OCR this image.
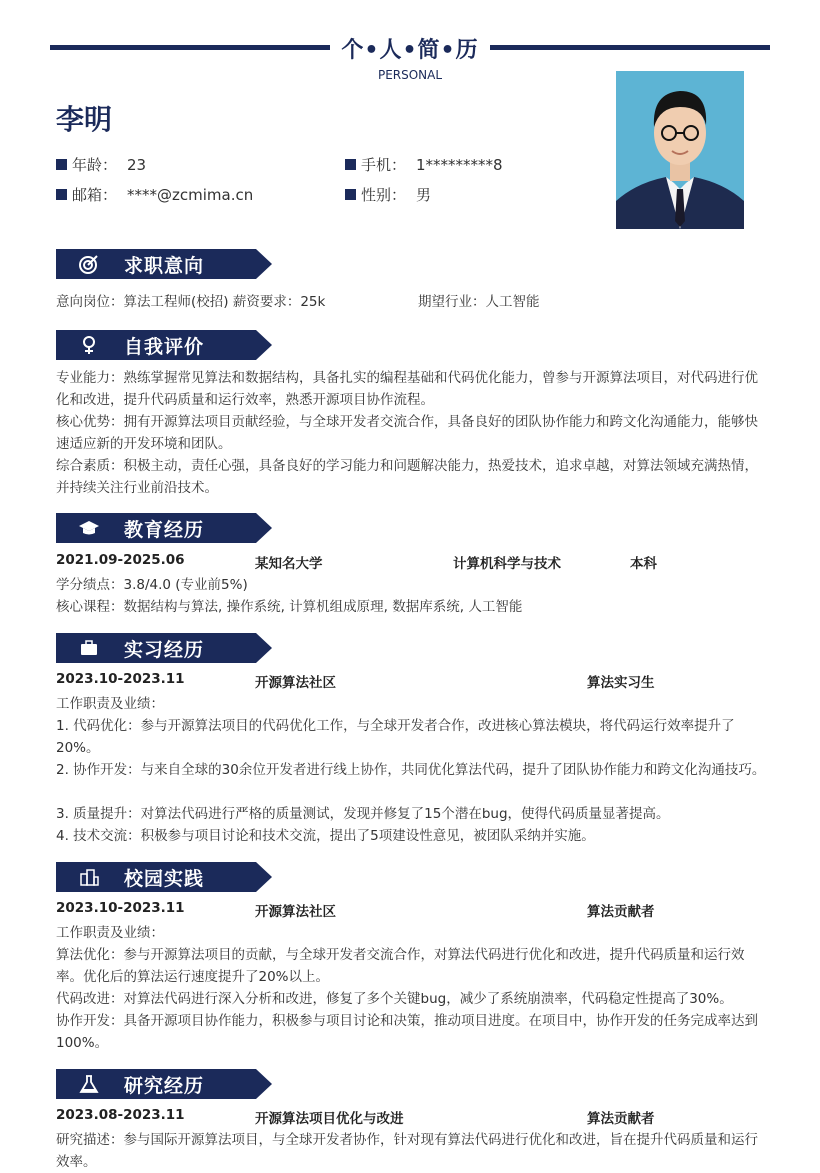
个•人•简•历
PERSONAL
李明
年龄： 23	手机： 1*********8
邮箱： ****@zcmima.cn	性别： 男
求职意向
意向岗位：算法工程师(校招) 薪资要求：25k	期望行业：人工智能
自我评价
专业能力：熟练掌握常见算法和数据结构，具备扎实的编程基础和代码优化能力，曾参与开源算法项目，对代码进行优化和改进，提升代码质量和运行效率，熟悉开源项目协作流程。
核心优势：拥有开源算法项目贡献经验，与全球开发者交流合作，具备良好的团队协作能力和跨文化沟通能力，能够快速适应新的开发环境和团队。
综合素质：积极主动，责任心强，具备良好的学习能力和问题解决能力，热爱技术，追求卓越，对算法领域充满热情，并持续关注行业前沿技术。
教育经历
2021.09-2025.06	某知名大学	计算机科学与技术	本科
学分绩点：3.8/4.0 (专业前5%)
核心课程：数据结构与算法, 操作系统, 计算机组成原理, 数据库系统, 人工智能
实习经历
2023.10-2023.11	开源算法社区	算法实习生
工作职责及业绩：
1. 代码优化：参与开源算法项目的代码优化工作，与全球开发者合作，改进核心算法模块，将代码运行效率提升了20%。
2. 协作开发：与来自全球的30余位开发者进行线上协作，共同优化算法代码，提升了团队协作能力和跨文化沟通技巧。
3. 质量提升：对算法代码进行严格的质量测试，发现并修复了15个潜在bug，使得代码质量显著提高。
4. 技术交流：积极参与项目讨论和技术交流，提出了5项建设性意见，被团队采纳并实施。
校园实践
2023.10-2023.11	开源算法社区	算法贡献者
工作职责及业绩：
算法优化：参与开源算法项目的贡献，与全球开发者交流合作，对算法代码进行优化和改进，提升代码质量和运行效率。优化后的算法运行速度提升了20%以上。
代码改进：对算法代码进行深入分析和改进，修复了多个关键bug，减少了系统崩溃率，代码稳定性提高了30%。
协作开发：具备开源项目协作能力，积极参与项目讨论和决策，推动项目进度。在项目中，协作开发的任务完成率达到100%。
研究经历
2023.08-2023.11	开源算法项目优化与改进	算法贡献者
研究描述：参与国际开源算法项目，与全球开发者协作，针对现有算法代码进行优化和改进，旨在提升代码质量和运行效率。
